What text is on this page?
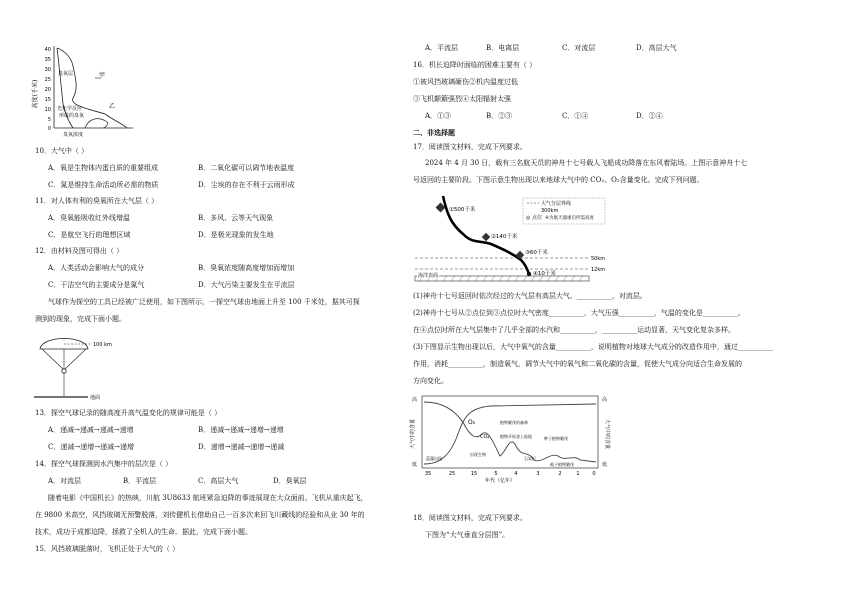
高度(千米)
40
35
30
25
20
15
10
5
0
臭氧层	甲
乙
光化学反应
形成的臭氧
臭氧浓度
10．大气中（ ）
A．氧是生物体内蛋白质的重要组成	B．二氧化碳可以调节地表温度
C．氮是维持生命活动所必需的物质	D．尘埃的存在不利于云雨形成
11．对人体有利的臭氧所在大气层（ ）
A．臭氧能吸收红外线增温	B．多风、云等天气现象
C．是航空飞行的理想区域	D．是极光现象的发生地
12．由材料及图可得出（ ）
A．人类活动会影响大气的成分	B．臭氧浓度随高度增加而增加
C．干洁空气的主要成分是氮气	D．大气污染主要发生在平流层
气球作为探空的工具已经被广泛使用，如下图所示，一探空气球由地面上升至 100 千米处，据其可探
测到的现象，完成下面小题。
100 km
地面
13．探空气球记录的随高度升高气温变化的规律可能是（ ）
A．递减→递减→递减→递增	B．递减→递减→递增→递增
C．递减→递增→递减→递增	D．递增→递减→递增→递减
14．探空气球探测到水汽集中的层次是（ ）
A．对流层	B．平流层	C．高层大气	D．臭氧层
随着电影《中国机长》的热映，川航 3U8633 航班紧急迫降的事迹展现在大众面前。飞机从重庆起飞，
在 9800 米高空，风挡玻璃无预警脱落，刘传健机长借助自己一百多次来回飞川藏线的经验和从业 30 年的
技术，成功于成都迫降，拯救了全机人的生命。据此，完成下面小题。
15．风挡玻璃脱落时，飞机正处于大气的（ ）
A．平流层	B．电离层	C．对流层	D．高层大气
16．机长迫降时面临的困难主要有（ ）
①被风挡玻璃砸伤②机内温度过低
③飞机颠簸强烈④太阳辐射太强
A．①③	B．②③	C．①④	D．②④
二、非选择题
17．阅读图文材料，完成下列要求。
2024 年 4 月 30 日，载有三名航天员的神舟十七号载人飞船成功降落在东风着陆场。上图示意神舟十七
号返回的主要阶段。下图示意生物出现以来地球大气中的 CO₂、O₂含量变化。完成下列问题。
①500千米
②140千米
③60千米
④10千米
大气分层界线
300km
◎ 点位 ④为航天器重启所需高度
50km
12km
海洋表面
(1)神舟十七号返回时依次经过的大气层有高层大气、__________、对流层。
(2)神舟十七号从②点位到③点位时大气密度__________，大气压强__________，气温的变化是__________。
在④点位时所在大气层集中了几乎全部的水汽和__________，__________运动显著，天气变化复杂多样。
(3)下图显示生物出现以后，大气中氧气的含量__________，说明植物对地球大气成分的改造作用中，通过__________
作用，消耗__________，制造氧气，调节大气中的氧气和二氧化碳的含量，促使大气成分向适合生命发展的
方向变化。
高
大气中的含量
低
高
大气中的含量
低
O₂
CO₂
蓝藻出现
植物开始登上陆地
植物繁茂的森林
种子植物繁茂
被子植物繁茂
出现生物
石炭纪
35	25	15	5	4	3	2	1	0
年代（亿年）
18．阅读图文材料，完成下列要求。
下图为“大气垂直分层图”。
